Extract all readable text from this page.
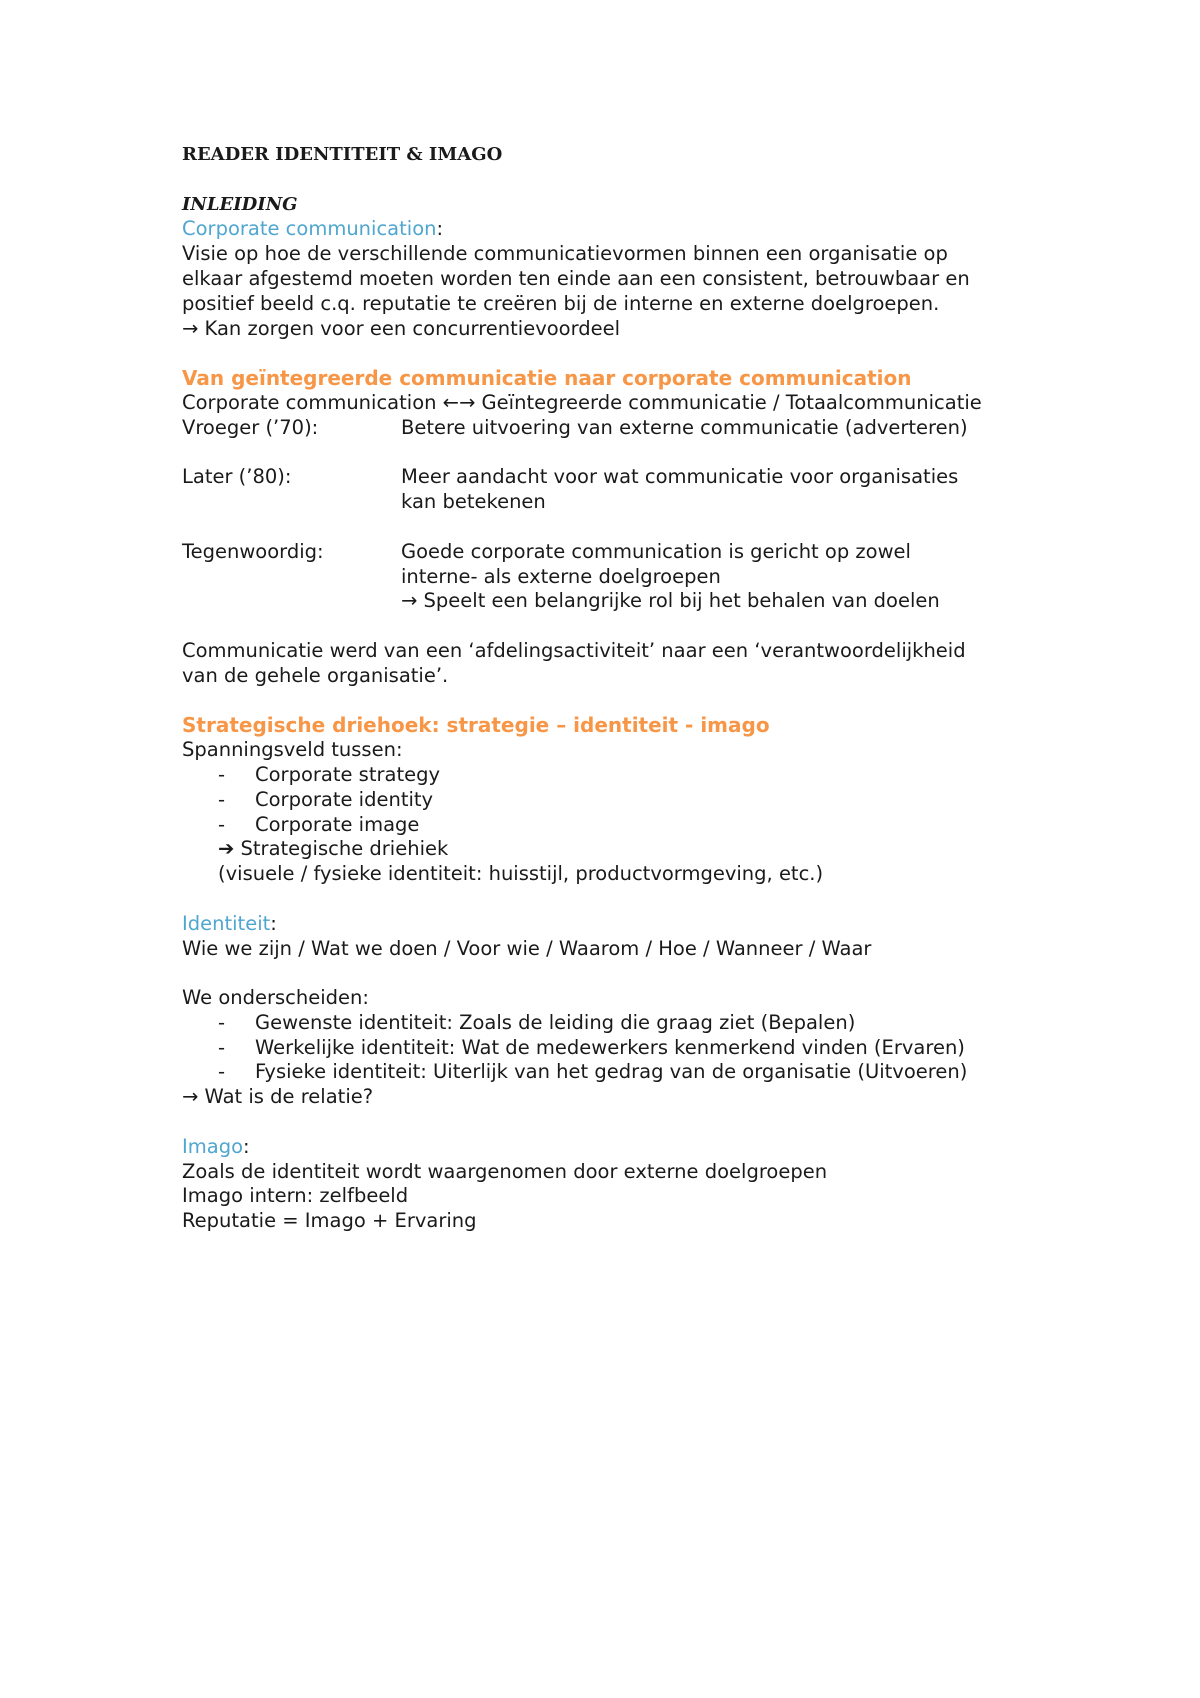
READER IDENTITEIT & IMAGO
INLEIDING
Corporate communication:
Visie op hoe de verschillende communicatievormen binnen een organisatie op
elkaar afgestemd moeten worden ten einde aan een consistent, betrouwbaar en
positief beeld c.q. reputatie te creëren bij de interne en externe doelgroepen.
→ Kan zorgen voor een concurrentievoordeel
Van geïntegreerde communicatie naar corporate communication
Corporate communication ←→ Geïntegreerde communicatie / Totaalcommunicatie
Vroeger (’70):	Betere uitvoering van externe communicatie (adverteren)
Later (’80):	Meer aandacht voor wat communicatie voor organisaties
kan betekenen
Tegenwoordig:	Goede corporate communication is gericht op zowel
interne- als externe doelgroepen
→ Speelt een belangrijke rol bij het behalen van doelen
Communicatie werd van een ‘afdelingsactiviteit’ naar een ‘verantwoordelijkheid
van de gehele organisatie’.
Strategische driehoek: strategie – identiteit - imago
Spanningsveld tussen:
-	Corporate strategy
-	Corporate identity
-	Corporate image
➔ Strategische driehiek
(visuele / fysieke identiteit: huisstijl, productvormgeving, etc.)
Identiteit:
Wie we zijn / Wat we doen / Voor wie / Waarom / Hoe / Wanneer / Waar
We onderscheiden:
-	Gewenste identiteit: Zoals de leiding die graag ziet (Bepalen)
-	Werkelijke identiteit: Wat de medewerkers kenmerkend vinden (Ervaren)
-	Fysieke identiteit: Uiterlijk van het gedrag van de organisatie (Uitvoeren)
→ Wat is de relatie?
Imago:
Zoals de identiteit wordt waargenomen door externe doelgroepen
Imago intern: zelfbeeld
Reputatie = Imago + Ervaring
